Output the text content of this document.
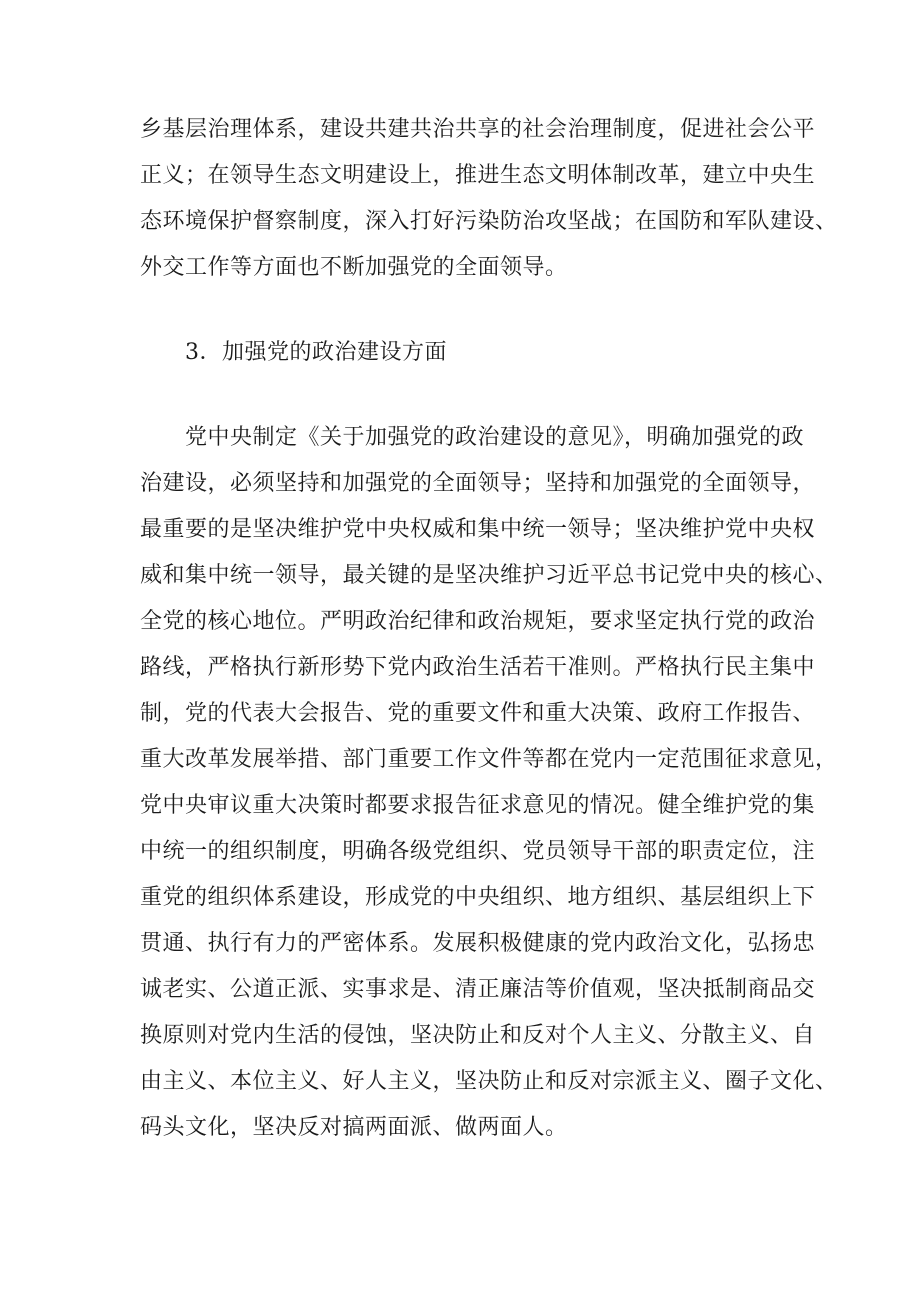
乡基层治理体系，建设共建共治共享的社会治理制度，促进社会公平
正义；在领导生态文明建设上，推进生态文明体制改革，建立中央生
态环境保护督察制度，深入打好污染防治攻坚战；在国防和军队建设、
外交工作等方面也不断加强党的全面领导。
3．加强党的政治建设方面
　　党中央制定《关于加强党的政治建设的意见》，明确加强党的政
治建设，必须坚持和加强党的全面领导；坚持和加强党的全面领导，
最重要的是坚决维护党中央权威和集中统一领导；坚决维护党中央权
威和集中统一领导，最关键的是坚决维护习近平总书记党中央的核心、
全党的核心地位。严明政治纪律和政治规矩，要求坚定执行党的政治
路线，严格执行新形势下党内政治生活若干准则。严格执行民主集中
制，党的代表大会报告、党的重要文件和重大决策、政府工作报告、
重大改革发展举措、部门重要工作文件等都在党内一定范围征求意见，
党中央审议重大决策时都要求报告征求意见的情况。健全维护党的集
中统一的组织制度，明确各级党组织、党员领导干部的职责定位，注
重党的组织体系建设，形成党的中央组织、地方组织、基层组织上下
贯通、执行有力的严密体系。发展积极健康的党内政治文化，弘扬忠
诚老实、公道正派、实事求是、清正廉洁等价值观，坚决抵制商品交
换原则对党内生活的侵蚀，坚决防止和反对个人主义、分散主义、自
由主义、本位主义、好人主义，坚决防止和反对宗派主义、圈子文化、
码头文化，坚决反对搞两面派、做两面人。
